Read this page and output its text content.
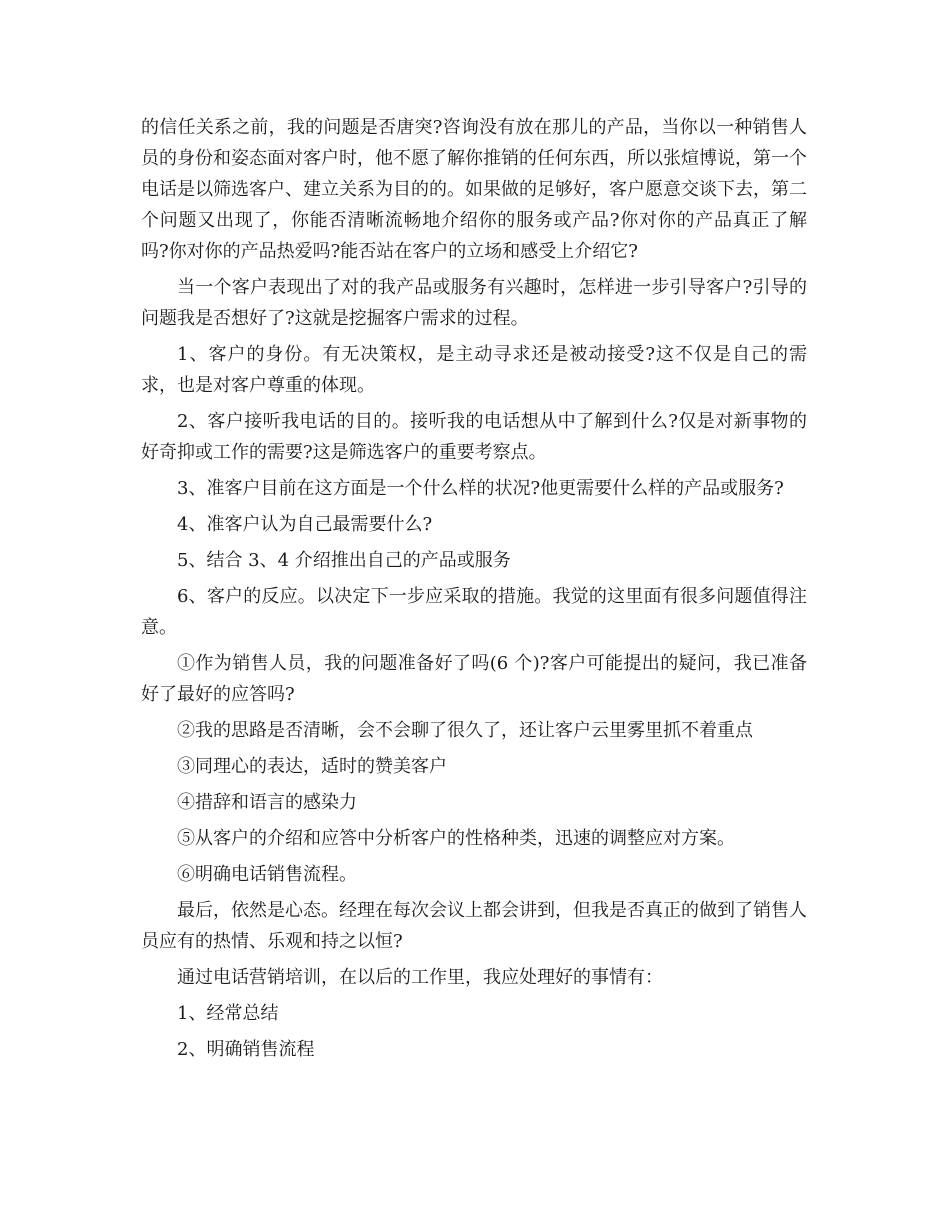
的信任关系之前，我的问题是否唐突?咨询没有放在那儿的产品，当你以一种销售人员的身份和姿态面对客户时，他不愿了解你推销的任何东西，所以张煊博说，第一个电话是以筛选客户、建立关系为目的的。如果做的足够好，客户愿意交谈下去，第二个问题又出现了，你能否清晰流畅地介绍你的服务或产品?你对你的产品真正了解吗?你对你的产品热爱吗?能否站在客户的立场和感受上介绍它?

当一个客户表现出了对的我产品或服务有兴趣时，怎样进一步引导客户?引导的问题我是否想好了?这就是挖掘客户需求的过程。

1、客户的身份。有无决策权，是主动寻求还是被动接受?这不仅是自己的需求，也是对客户尊重的体现。

2、客户接听我电话的目的。接听我的电话想从中了解到什么?仅是对新事物的好奇抑或工作的需要?这是筛选客户的重要考察点。

3、准客户目前在这方面是一个什么样的状况?他更需要什么样的产品或服务?

4、准客户认为自己最需要什么?

5、结合 3、4 介绍推出自己的产品或服务

6、客户的反应。以决定下一步应采取的措施。我觉的这里面有很多问题值得注意。

①作为销售人员，我的问题准备好了吗(6 个)?客户可能提出的疑问，我已准备好了最好的应答吗?

②我的思路是否清晰，会不会聊了很久了，还让客户云里雾里抓不着重点

③同理心的表达，适时的赞美客户

④措辞和语言的感染力

⑤从客户的介绍和应答中分析客户的性格种类，迅速的调整应对方案。

⑥明确电话销售流程。

最后，依然是心态。经理在每次会议上都会讲到，但我是否真正的做到了销售人员应有的热情、乐观和持之以恒?

通过电话营销培训，在以后的工作里，我应处理好的事情有：

1、经常总结

2、明确销售流程
